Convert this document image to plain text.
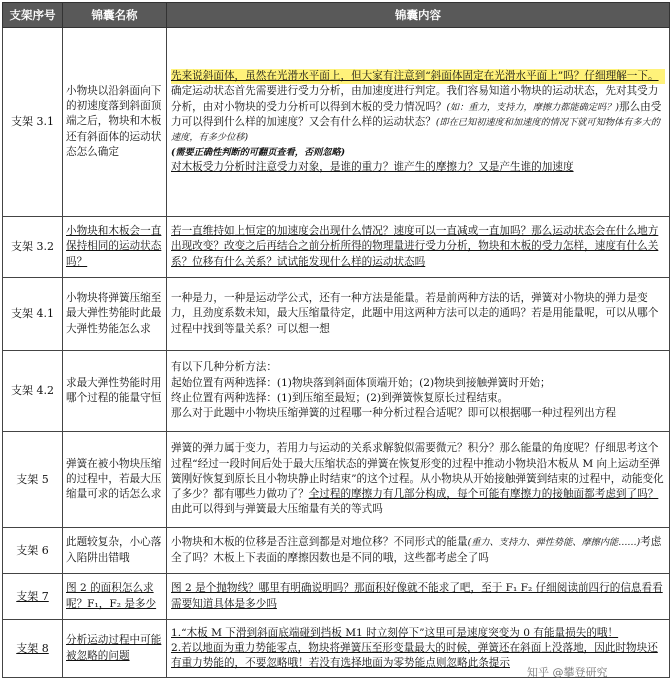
支架序号	锦囊名称	锦囊内容
支架 3.1	小物块以沿斜面向下的初速度落到斜面顶端之后，物块和木板还有斜面体的运动状态怎么确定	先来说斜面体，虽然在光滑水平面上，但大家有注意到“斜面体固定在光滑水平面上”吗？仔细理解一下。
确定运动状态首先需要进行受力分析，由加速度进行判定。我们容易知道小物块的运动状态，先对其受力分析，由对小物块的受力分析可以得到木板的受力情况吗？(如：重力，支持力，摩擦力都能确定吗？)那么由受力可以得到什么样的加速度？又会有什么样的运动状态？(即在已知初速度和加速度的情况下就可知物体有多大的速度，有多少位移)
(需要正确性判断的可翻页查看，否则忽略)
对木板受力分析时注意受力对象，是谁的重力？谁产生的摩擦力？又是产生谁的加速度

支架 3.2	小物块和木板会一直保持相同的运动状态吗？	若一直维持如上恒定的加速度会出现什么情况？速度可以一直减或一直加吗？那么运动状态会在什么地方出现改变？改变之后再结合之前分析所得的物理量进行受力分析，物块和木板的受力怎样，速度有什么关系？位移有什么关系？试试能发现什么样的运动状态吗
支架 4.1	小物块将弹簧压缩至最大弹性势能时此最大弹性势能怎么求	一种是力，一种是运动学公式，还有一种方法是能量。若是前两种方法的话，弹簧对小物块的弹力是变力，且劲度系数未知，最大压缩量待定，此题中用这两种方法可以走的通吗？若是用能量呢，可以从哪个过程中找到等量关系？可以想一想
支架 4.2	求最大弹性势能时用哪个过程的能量守恒	有以下几种分析方法：
起始位置有两种选择：(1)物块落到斜面体顶端开始；(2)物块到接触弹簧时开始；
终止位置有两种选择：(1)到压缩至最短；(2)到弹簧恢复原长过程结束。
那么对于此题中小物块压缩弹簧的过程哪一种分析过程合适呢？即可以根据哪一种过程列出方程

支架 5	弹簧在被小物块压缩的过程中，若最大压缩量可求的话怎么求	弹簧的弹力属于变力，若用力与运动的关系求解貌似需要微元？积分？那么能量的角度呢？仔细思考这个过程“经过一段时间后处于最大压缩状态的弹簧在恢复形变的过程中推动小物块沿木板从 M 向上运动至弹簧刚好恢复到原长且小物块静止时结束”的这个过程。从小物块从开始接触弹簧到结束的过程中，动能变化了多少？都有哪些力做功了？全过程的摩擦力有几部分构成，每个可能有摩擦力的接触面都考虑到了吗？由此可以得到与弹簧最大压缩量有关的等式吗
支架 6	此题较复杂，小心落入陷阱出错哦	小物块和木板的位移是否注意到都是对地位移？不同形式的能量(重力、支持力、弹性势能、摩擦内能……)考虑全了吗？木板上下表面的摩擦因数也是不同的哦，这些都考虑全了吗
支架 7	图 2 的面积怎么求呢？F₁，F₂ 是多少	图 2 是个抛物线？哪里有明确说明吗？那面积好像就不能求了吧，至于 F₁ F₂ 仔细阅读前四行的信息看看需要知道具体是多少吗
支架 8	分析运动过程中可能被忽略的问题	1.“木板 M 下滑到斜面底端碰到挡板 M1 时立刻停下”这里可是速度突变为 0 有能量损失的哦！
2.若以地面为重力势能零点，物块将弹簧压至形变量最大的时候，弹簧还在斜面上没落地，因此时物块还有重力势能的，不要忽略哦！若没有选择地面为零势能点则忽略此条提示
知乎 @攀登研究
